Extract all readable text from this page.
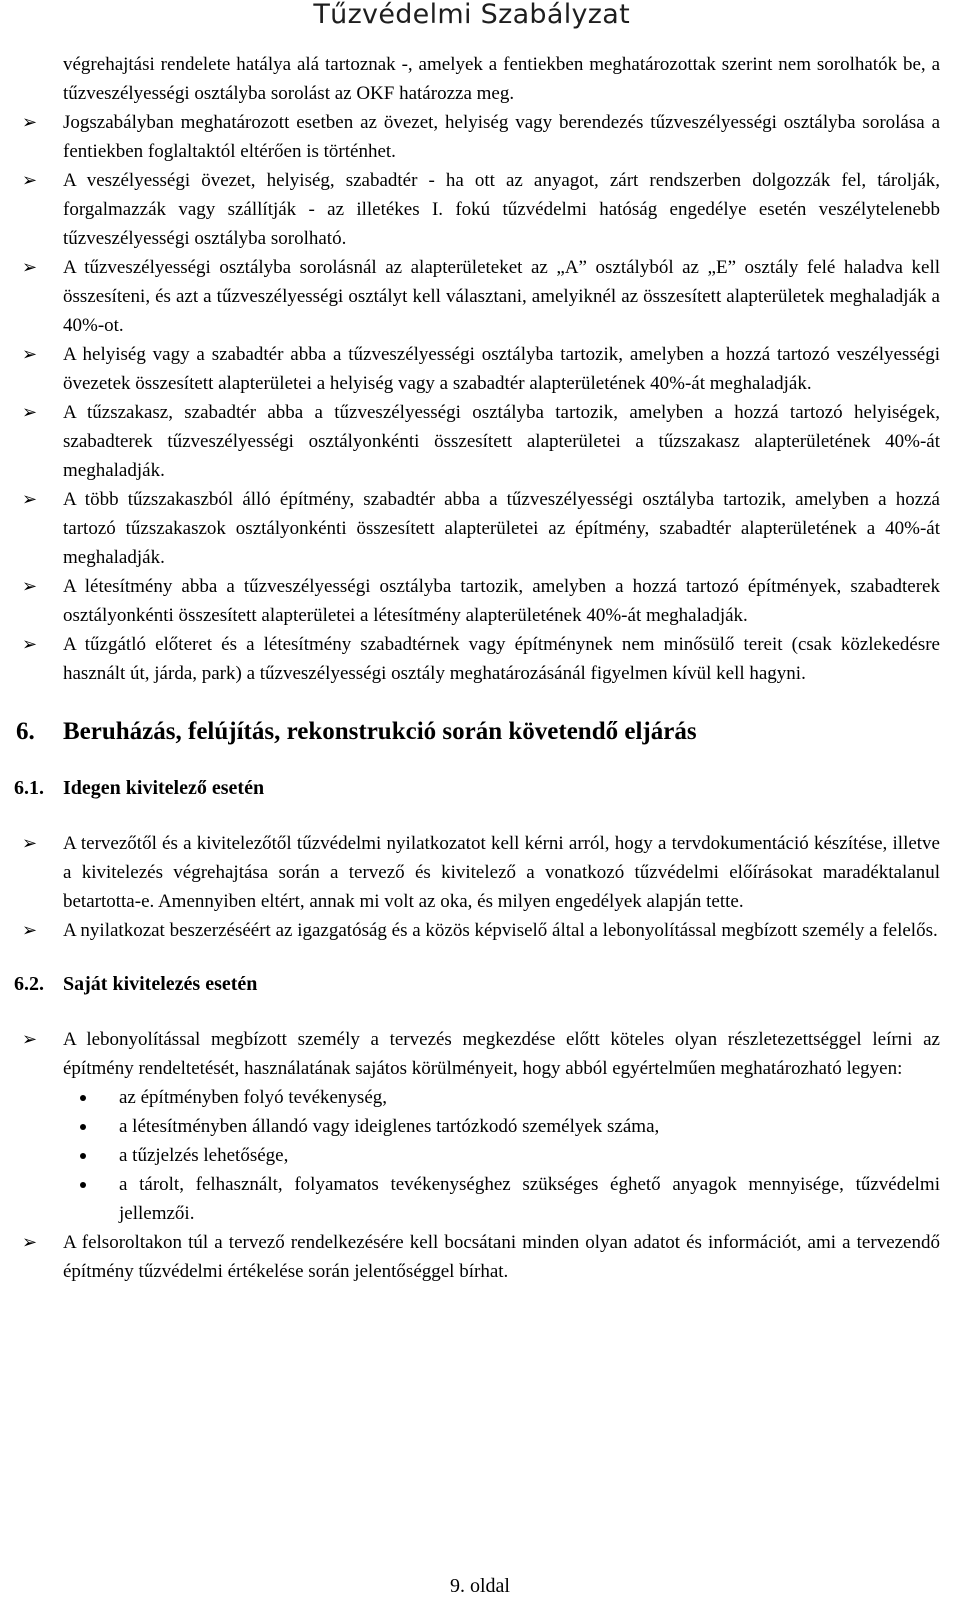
Tűzvédelmi Szabályzat
végrehajtási rendelete hatálya alá tartoznak -, amelyek a fentiekben meghatározottak szerint nem sorolhatók be, a tűzveszélyességi osztályba sorolást az OKF határozza meg.
➢ Jogszabályban meghatározott esetben az övezet, helyiség vagy berendezés tűzveszélyességi osztályba sorolása a fentiekben foglaltaktól eltérően is történhet.
➢ A veszélyességi övezet, helyiség, szabadtér - ha ott az anyagot, zárt rendszerben dolgozzák fel, tárolják, forgalmazzák vagy szállítják - az illetékes I. fokú tűzvédelmi hatóság engedélye esetén veszélytelenebb tűzveszélyességi osztályba sorolható.
➢ A tűzveszélyességi osztályba sorolásnál az alapterületeket az „A” osztályból az „E” osztály felé haladva kell összesíteni, és azt a tűzveszélyességi osztályt kell választani, amelyiknél az összesített alapterületek meghaladják a 40%-ot.
➢ A helyiség vagy a szabadtér abba a tűzveszélyességi osztályba tartozik, amelyben a hozzá tartozó veszélyességi övezetek összesített alapterületei a helyiség vagy a szabadtér alapterületének 40%-át meghaladják.
➢ A tűzszakasz, szabadtér abba a tűzveszélyességi osztályba tartozik, amelyben a hozzá tartozó helyiségek, szabadterek tűzveszélyességi osztályonkénti összesített alapterületei a tűzszakasz alapterületének 40%-át meghaladják.
➢ A több tűzszakaszból álló építmény, szabadtér abba a tűzveszélyességi osztályba tartozik, amelyben a hozzá tartozó tűzszakaszok osztályonkénti összesített alapterületei az építmény, szabadtér alapterületének a 40%-át meghaladják.
➢ A létesítmény abba a tűzveszélyességi osztályba tartozik, amelyben a hozzá tartozó építmények, szabadterek osztályonkénti összesített alapterületei a létesítmény alapterületének 40%-át meghaladják.
➢ A tűzgátló előteret és a létesítmény szabadtérnek vagy építménynek nem minősülő tereit (csak közlekedésre használt út, járda, park) a tűzveszélyességi osztály meghatározásánál figyelmen kívül kell hagyni.
6. Beruházás, felújítás, rekonstrukció során követendő eljárás
6.1. Idegen kivitelező esetén
➢ A tervezőtől és a kivitelezőtől tűzvédelmi nyilatkozatot kell kérni arról, hogy a tervdokumentáció készítése, illetve a kivitelezés végrehajtása során a tervező és kivitelező a vonatkozó tűzvédelmi előírásokat maradéktalanul betartotta-e. Amennyiben eltért, annak mi volt az oka, és milyen engedélyek alapján tette.
➢ A nyilatkozat beszerzéséért az igazgatóság és a közös képviselő által a lebonyolítással megbízott személy a felelős.
6.2. Saját kivitelezés esetén
➢ A lebonyolítással megbízott személy a tervezés megkezdése előtt köteles olyan részletezettséggel leírni az építmény rendeltetését, használatának sajátos körülményeit, hogy abból egyértelműen meghatározható legyen:
az építményben folyó tevékenység,
a létesítményben állandó vagy ideiglenes tartózkodó személyek száma,
a tűzjelzés lehetősége,
a tárolt, felhasznált, folyamatos tevékenységhez szükséges éghető anyagok mennyisége, tűzvédelmi jellemzői.
➢ A felsoroltakon túl a tervező rendelkezésére kell bocsátani minden olyan adatot és információt, ami a tervezendő építmény tűzvédelmi értékelése során jelentőséggel bírhat.
9. oldal
